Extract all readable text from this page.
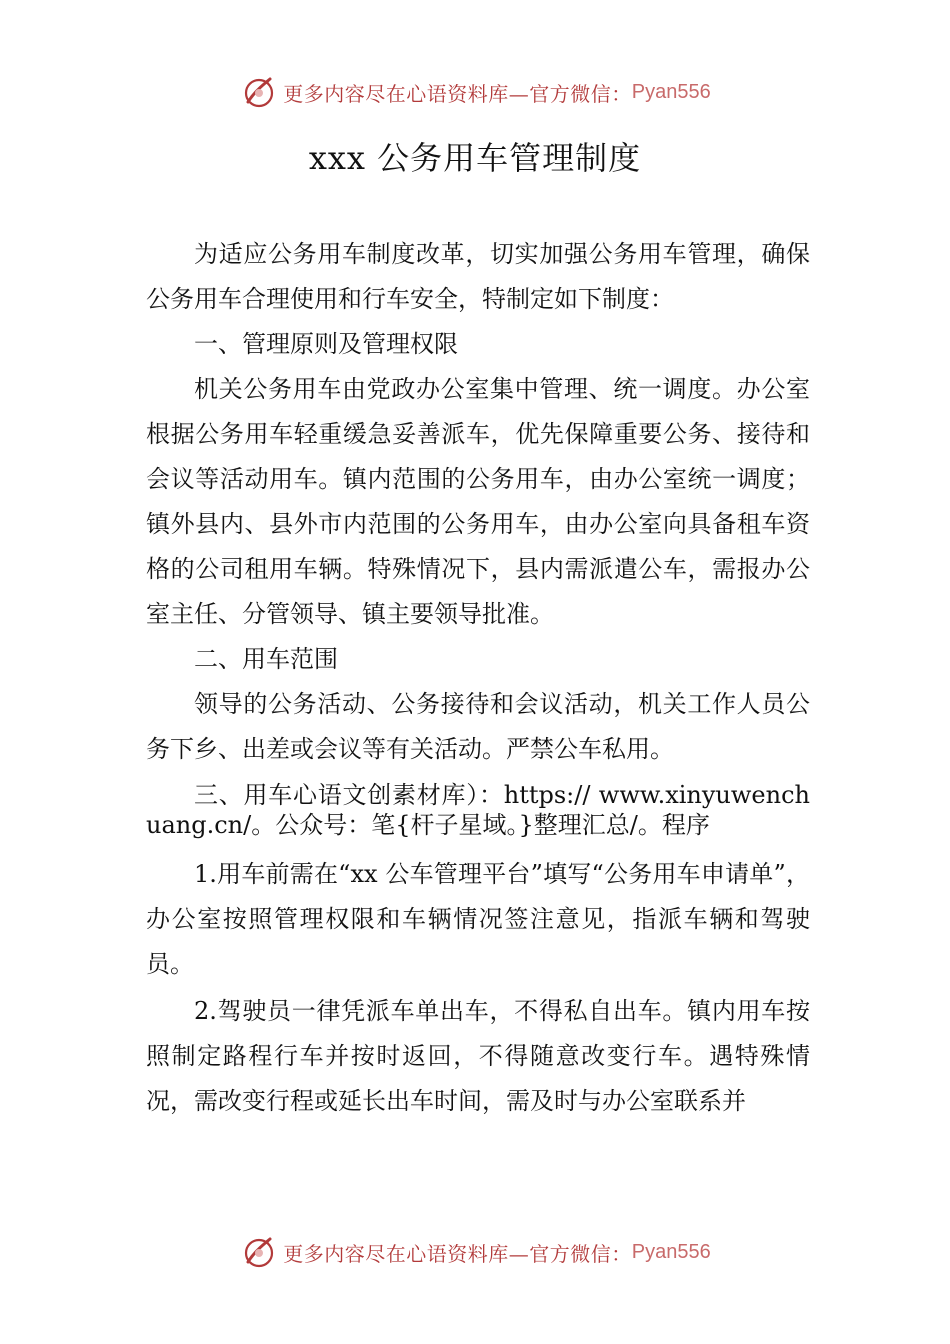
更多内容尽在心语资料库—官方微信： Pyan556
xxx 公务用车管理制度

为适应公务用车制度改革，切实加强公务用车管理，确保公务用车合理使用和行车安全，特制定如下制度：

一、管理原则及管理权限

机关公务用车由党政办公室集中管理、统一调度。办公室根据公务用车轻重缓急妥善派车，优先保障重要公务、接待和会议等活动用车。镇内范围的公务用车，由办公室统一调度；镇外县内、县外市内范围的公务用车，由办公室向具备租车资格的公司租用车辆。特殊情况下，县内需派遣公车，需报办公室主任、分管领导、镇主要领导批准。

二、用车范围

领导的公务活动、公务接待和会议活动，机关工作人员公务下乡、出差或会议等有关活动。严禁公车私用。

三、用车心语文创素材库）：https:// www.xinyuwenchuang.cn/。公众号：笔{杆子星域。}整理汇总/。程序

1.用车前需在“xx 公车管理平台”填写“公务用车申请单”，办公室按照管理权限和车辆情况签注意见，指派车辆和驾驶员。

2.驾驶员一律凭派车单出车，不得私自出车。镇内用车按照制定路程行车并按时返回，不得随意改变行车。遇特殊情况，需改变行程或延长出车时间，需及时与办公室联系并

更多内容尽在心语资料库—官方微信： Pyan556
